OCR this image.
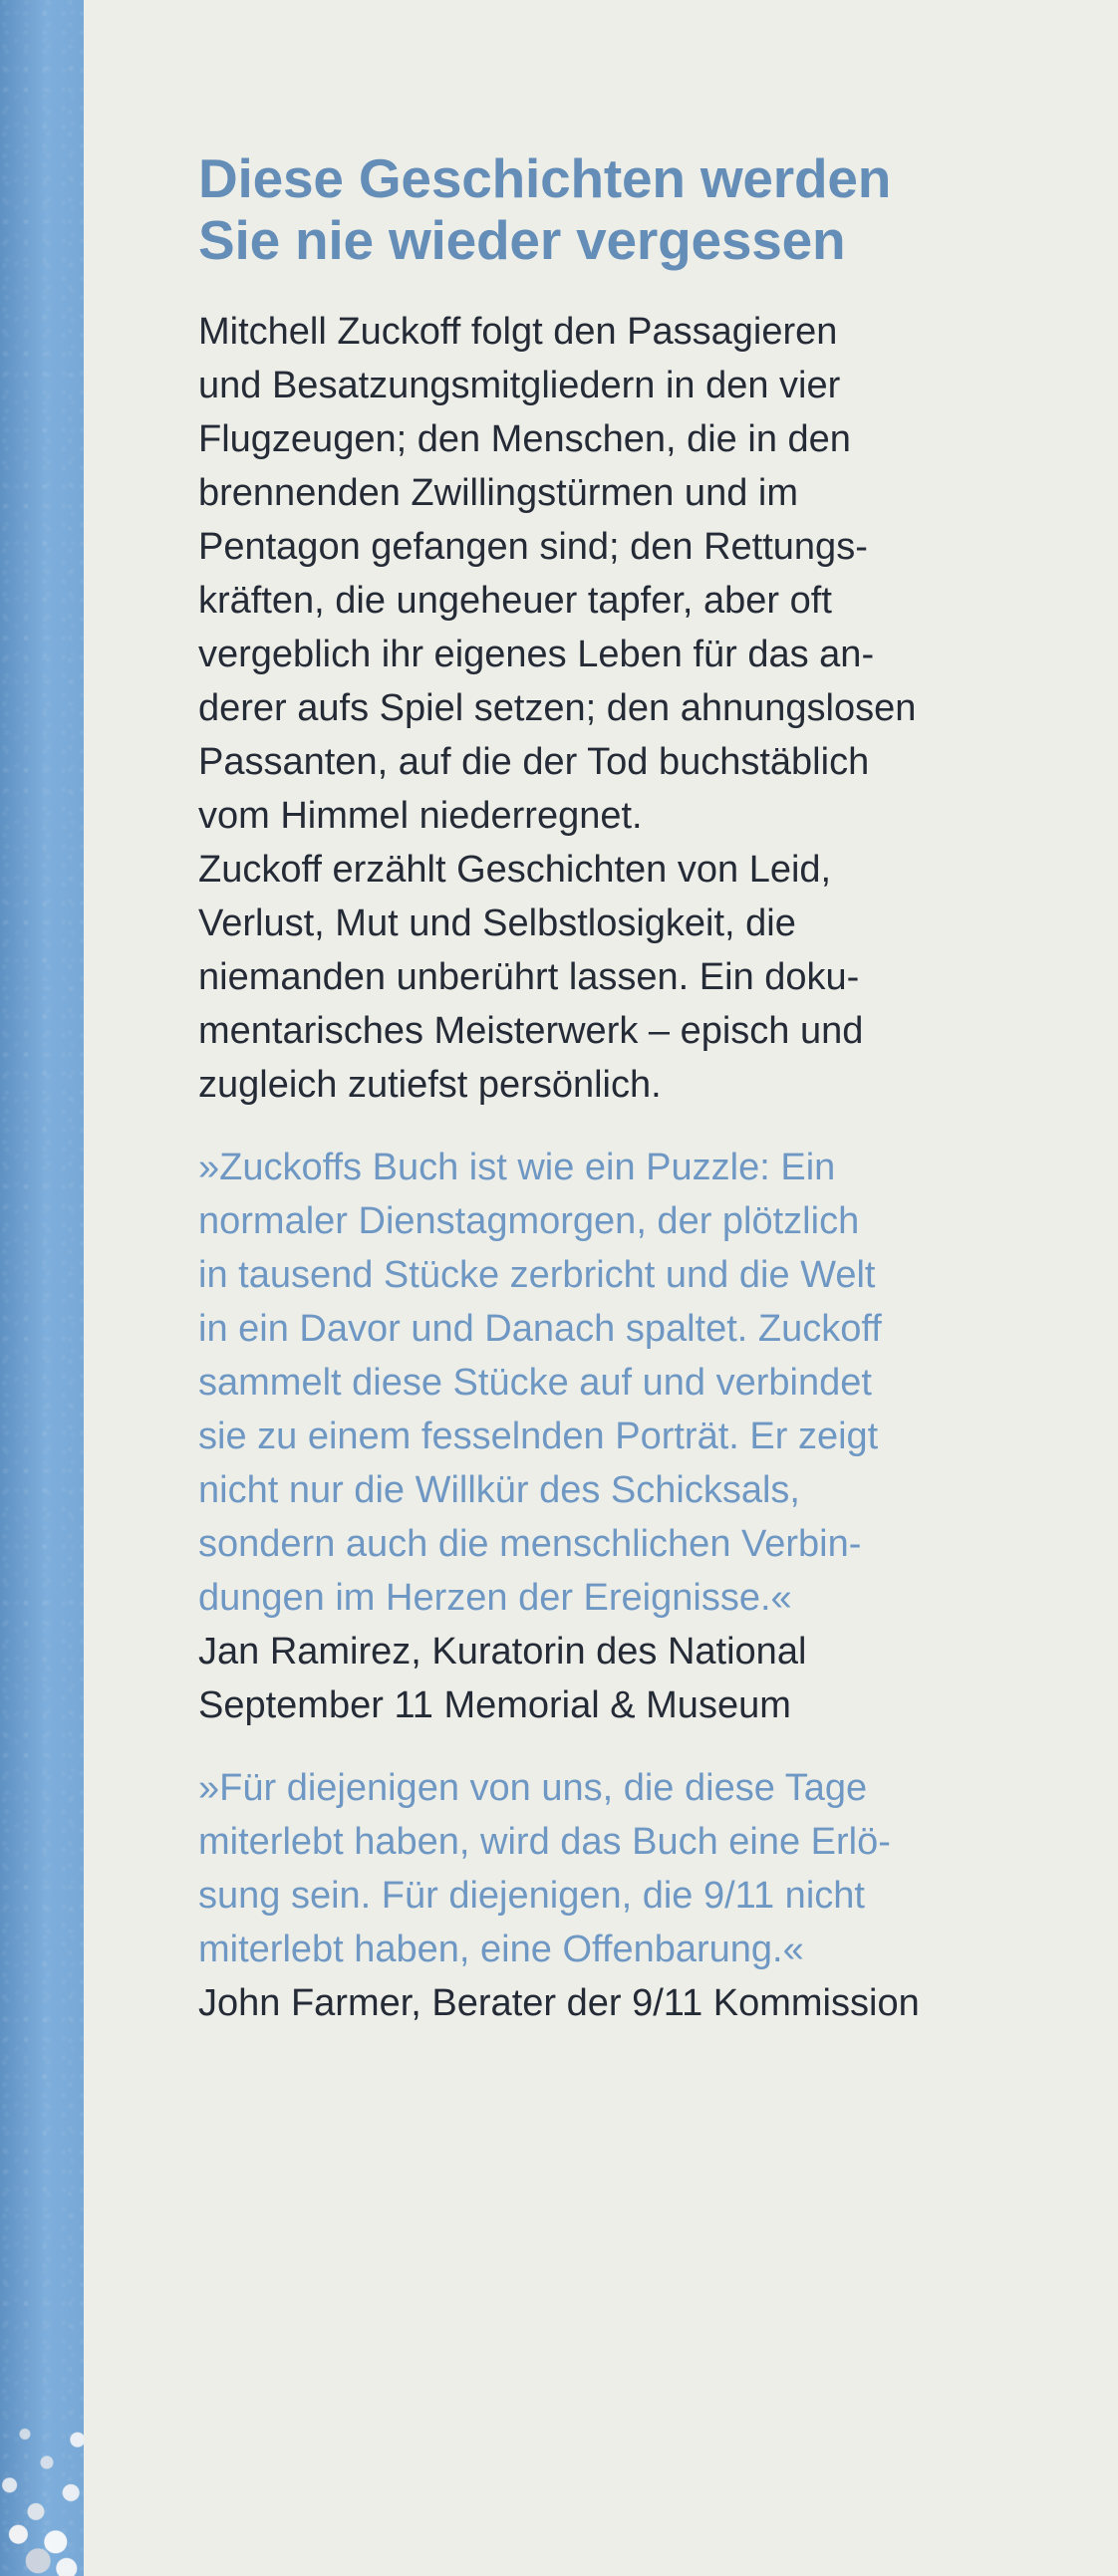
Diese Geschichten werden
Sie nie wieder vergessen

Mitchell Zuckoff folgt den Passagieren
und Besatzungsmitgliedern in den vier
Flugzeugen; den Menschen, die in den
brennenden Zwillingstürmen und im
Pentagon gefangen sind; den Rettungs-
kräften, die ungeheuer tapfer, aber oft
vergeblich ihr eigenes Leben für das an-
derer aufs Spiel setzen; den ahnungslosen
Passanten, auf die der Tod buchstäblich
vom Himmel niederregnet.
Zuckoff erzählt Geschichten von Leid,
Verlust, Mut und Selbstlosigkeit, die
niemanden unberührt lassen. Ein doku-
mentarisches Meisterwerk – episch und
zugleich zutiefst persönlich.

»Zuckoffs Buch ist wie ein Puzzle: Ein
normaler Dienstagmorgen, der plötzlich
in tausend Stücke zerbricht und die Welt
in ein Davor und Danach spaltet. Zuckoff
sammelt diese Stücke auf und verbindet
sie zu einem fesselnden Porträt. Er zeigt
nicht nur die Willkür des Schicksals,
sondern auch die menschlichen Verbin-
dungen im Herzen der Ereignisse.«

Jan Ramirez, Kuratorin des National
September 11 Memorial & Museum

»Für diejenigen von uns, die diese Tage
miterlebt haben, wird das Buch eine Erlö-
sung sein. Für diejenigen, die 9/11 nicht
miterlebt haben, eine Offenbarung.«

John Farmer, Berater der 9/11 Kommission
